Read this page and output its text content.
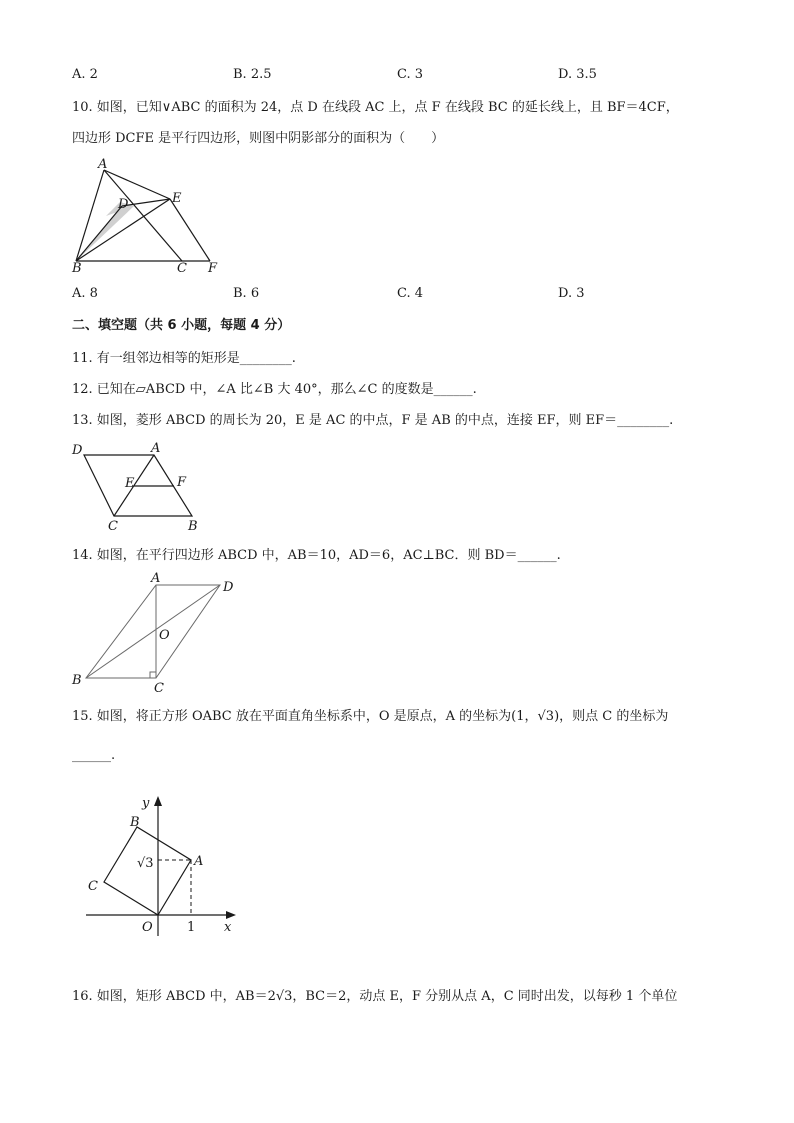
A. 2	B. 2.5	C. 3	D. 3.5
10. 如图，已知∨ABC 的面积为 24，点 D 在线段 AC 上，点 F 在线段 BC 的延长线上，且 BF＝4CF，
四边形 DCFE 是平行四边形，则图中阴影部分的面积为（　　）
A
D	E
B	C F
A. 8	B. 6	C. 4	D. 3
二、填空题（共 6 小题，每题 4 分）
11. 有一组邻边相等的矩形是________.
12. 已知在▱ABCD 中，∠A 比∠B 大 40°，那么∠C 的度数是______.
13. 如图，菱形 ABCD 的周长为 20，E 是 AC 的中点，F 是 AB 的中点，连接 EF，则 EF＝________.
D	A
E	F
C	B
14. 如图，在平行四边形 ABCD 中，AB＝10，AD＝6，AC⊥BC．则 BD＝______.
A
D
O
B
C
15. 如图，将正方形 OABC 放在平面直角坐标系中，O 是原点，A 的坐标为(1，√3)，则点 C 的坐标为
______.
y
B
√3	A
C
O	1 x
16. 如图，矩形 ABCD 中，AB＝2√3，BC＝2，动点 E，F 分别从点 A，C 同时出发，以每秒 1 个单位
